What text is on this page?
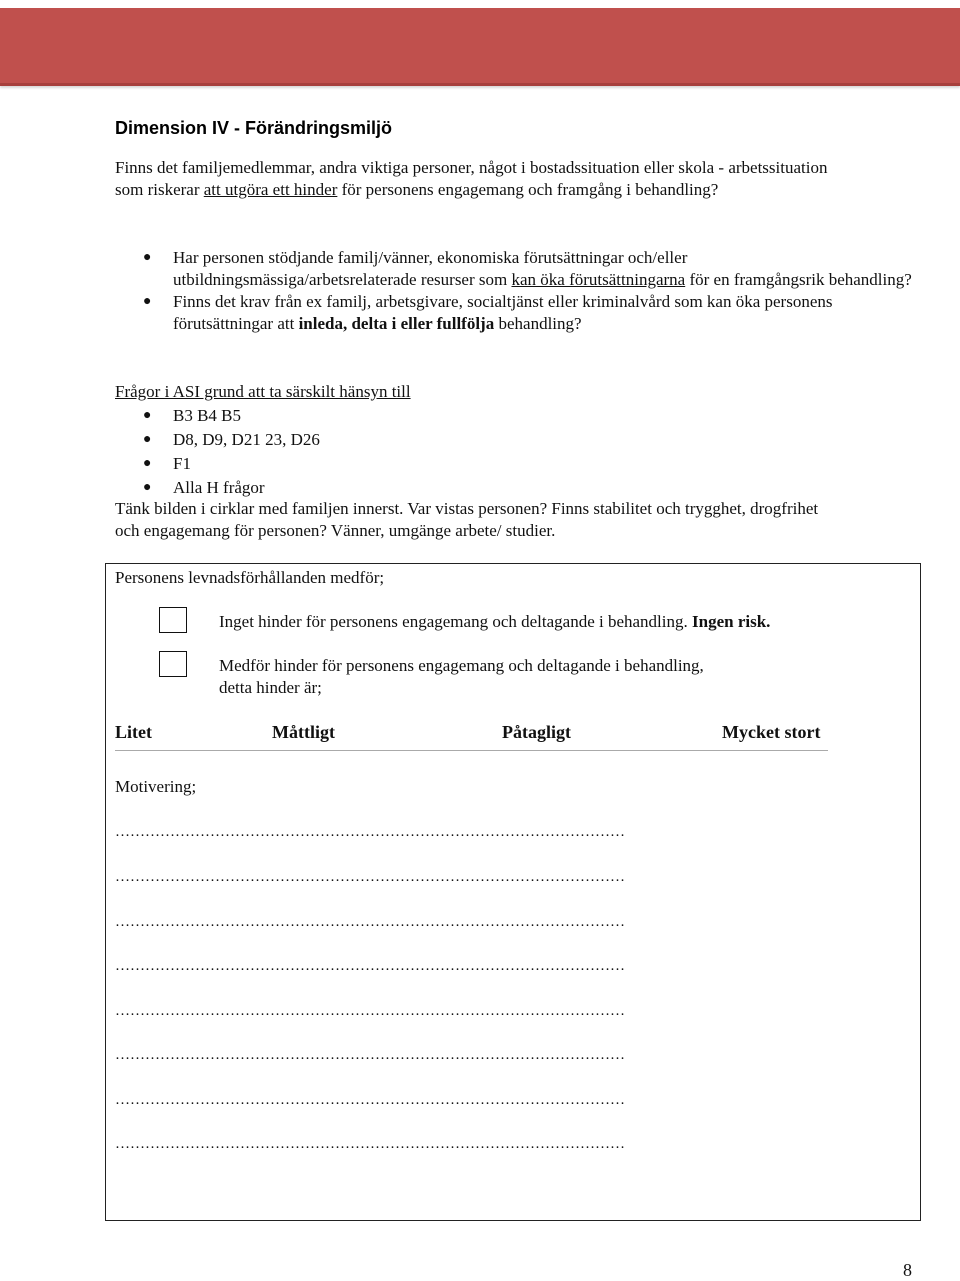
Dimension IV - Förändringsmiljö
Finns det familjemedlemmar, andra viktiga personer, något i bostadssituation eller skola - arbetssituation som riskerar att utgöra ett hinder för personens engagemang och framgång i behandling?
● Har personen stödjande familj/vänner, ekonomiska förutsättningar och/eller utbildningsmässiga/arbetsrelaterade resurser som kan öka förutsättningarna för en framgångsrik behandling?
● Finns det krav från ex familj, arbetsgivare, socialtjänst eller kriminalvård som kan öka personens förutsättningar att inleda, delta i eller fullfölja behandling?
Frågor i ASI grund att ta särskilt hänsyn till
● B3 B4 B5
● D8, D9, D21 23, D26
● F1
● Alla H frågor
Tänk bilden i cirklar med familjen innerst. Var vistas personen? Finns stabilitet och trygghet, drogfrihet och engagemang för personen? Vänner, umgänge arbete/ studier.
Personens levnadsförhållanden medför;
Inget hinder för personens engagemang och deltagande i behandling. Ingen risk.
Medför hinder för personens engagemang och deltagande i behandling,
detta hinder är;
Litet	Måttligt	Påtagligt	Mycket stort
Motivering;
…………………………………………………………………………………………
…………………………………………………………………………………………
…………………………………………………………………………………………
…………………………………………………………………………………………
…………………………………………………………………………………………
…………………………………………………………………………………………
…………………………………………………………………………………………
…………………………………………………………………………………………
8
